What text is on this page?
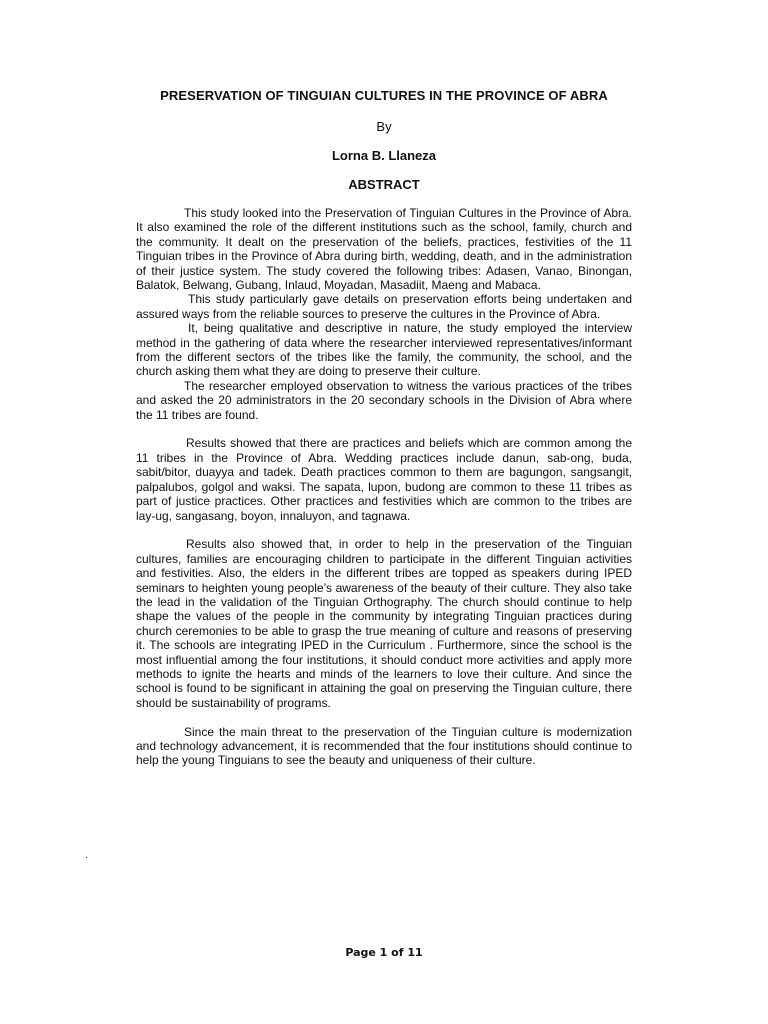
PRESERVATION OF TINGUIAN CULTURES IN THE PROVINCE OF ABRA
By
Lorna B. Llaneza
ABSTRACT

This study looked into the Preservation of Tinguian Cultures in the Province of Abra. It also examined the role of the different institutions such as the school, family, church and the community. It dealt on the preservation of the beliefs, practices, festivities of the 11 Tinguian tribes in the Province of Abra during birth, wedding, death, and in the administration of their justice system. The study covered the following tribes: Adasen, Vanao, Binongan, Balatok, Belwang, Gubang, Inlaud, Moyadan, Masadiit, Maeng and Mabaca.

This study particularly gave details on preservation efforts being undertaken and assured ways from the reliable sources to preserve the cultures in the Province of Abra.

It, being qualitative and descriptive in nature, the study employed the interview method in the gathering of data where the researcher interviewed representatives/informant from the different sectors of the tribes like the family, the community, the school, and the church asking them what they are doing to preserve their culture.

The researcher employed observation to witness the various practices of the tribes and asked the 20 administrators in the 20 secondary schools in the Division of Abra where the 11 tribes are found.

Results showed that there are practices and beliefs which are common among the 11 tribes in the Province of Abra. Wedding practices include danun, sab-ong, buda, sabit/bitor, duayya and tadek. Death practices common to them are bagungon, sangsangit, palpalubos, golgol and waksi. The sapata, lupon, budong are common to these 11 tribes as part of justice practices. Other practices and festivities which are common to the tribes are lay-ug, sangasang, boyon, innaluyon, and tagnawa.

Results also showed that, in order to help in the preservation of the Tinguian cultures, families are encouraging children to participate in the different Tinguian activities and festivities. Also, the elders in the different tribes are topped as speakers during IPED seminars to heighten young people’s awareness of the beauty of their culture. They also take the lead in the validation of the Tinguian Orthography. The church should continue to help shape the values of the people in the community by integrating Tinguian practices during church ceremonies to be able to grasp the true meaning of culture and reasons of preserving it. The schools are integrating IPED in the Curriculum . Furthermore, since the school is the most influential among the four institutions, it should conduct more activities and apply more methods to ignite the hearts and minds of the learners to love their culture. And since the school is found to be significant in attaining the goal on preserving the Tinguian culture, there should be sustainability of programs.

Since the main threat to the preservation of the Tinguian culture is modernization and technology advancement, it is recommended that the four institutions should continue to help the young Tinguians to see the beauty and uniqueness of their culture.

.
Page 1 of 11
